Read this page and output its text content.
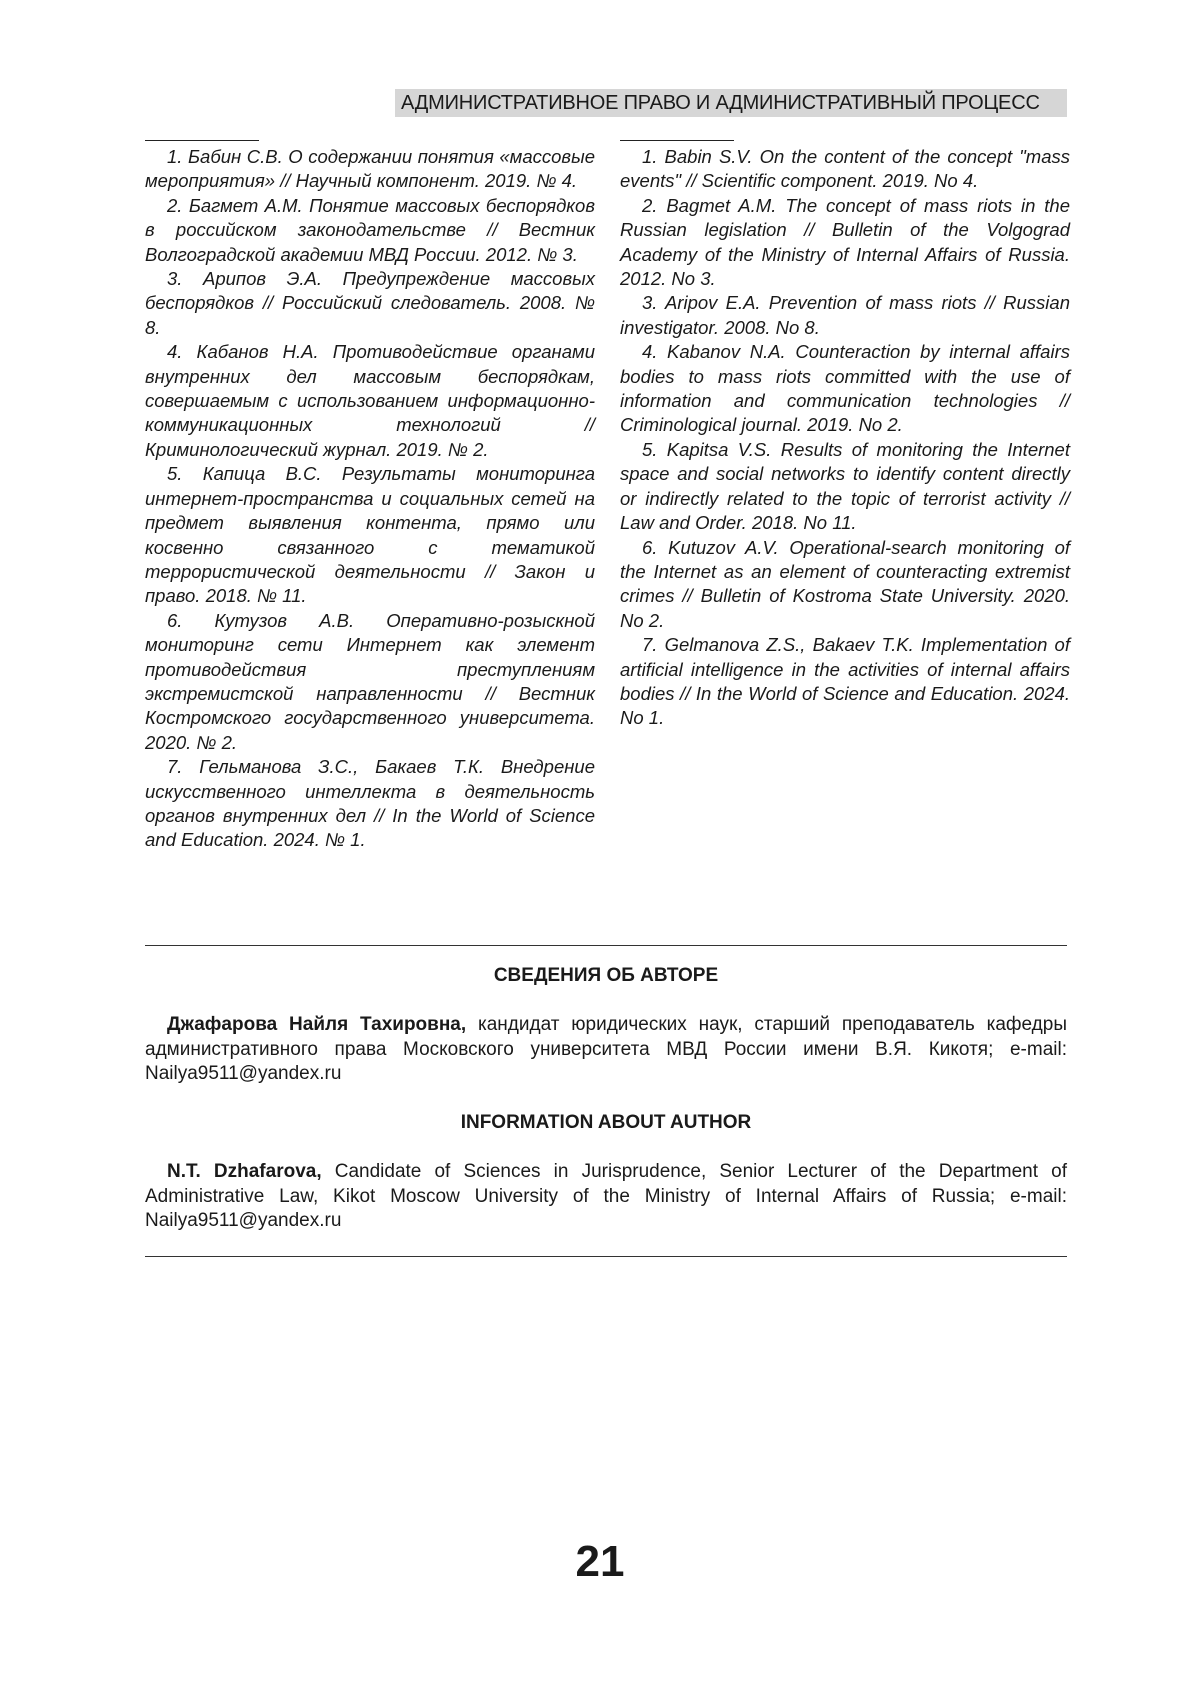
АДМИНИСТРАТИВНОЕ ПРАВО И АДМИНИСТРАТИВНЫЙ ПРОЦЕСС

1. Бабин С.В. О содержании понятия «массовые мероприятия» // Научный компонент. 2019. № 4.

2. Багмет А.М. Понятие массовых беспорядков в российском законодательстве // Вестник Волгоградской академии МВД России. 2012. № 3.

3. Арипов Э.А. Предупреждение массовых беспорядков // Российский следователь. 2008. № 8.

4. Кабанов Н.А. Противодействие органами внутренних дел массовым беспорядкам, совершаемым с использованием информационно-коммуникационных технологий // Криминологический журнал. 2019. № 2.

5. Капица В.С. Результаты мониторинга интернет-пространства и социальных сетей на предмет выявления контента, прямо или косвенно связанного с тематикой террористической деятельности // Закон и право. 2018. № 11.

6. Кутузов А.В. Оперативно-розыскной мониторинг сети Интернет как элемент противодействия преступлениям экстремистской направленности // Вестник Костромского государственного университета. 2020. № 2.

7. Гельманова З.С., Бакаев Т.К. Внедрение искусственного интеллекта в деятельность органов внутренних дел // In the World of Science and Education. 2024. № 1.

1. Babin S.V. On the content of the concept "mass events" // Scientific component. 2019. No 4.

2. Bagmet A.M. The concept of mass riots in the Russian legislation // Bulletin of the Volgograd Academy of the Ministry of Internal Affairs of Russia. 2012. No 3.

3. Aripov E.A. Prevention of mass riots // Russian investigator. 2008. No 8.

4. Kabanov N.A. Counteraction by internal affairs bodies to mass riots committed with the use of information and communication technologies // Criminological journal. 2019. No 2.

5. Kapitsa V.S. Results of monitoring the Internet space and social networks to identify content directly or indirectly related to the topic of terrorist activity // Law and Order. 2018. No 11.

6. Kutuzov A.V. Operational-search monitoring of the Internet as an element of counteracting extremist crimes // Bulletin of Kostroma State University. 2020. No 2.

7. Gelmanova Z.S., Bakaev T.K. Implementation of artificial intelligence in the activities of internal affairs bodies // In the World of Science and Education. 2024. No 1.

СВЕДЕНИЯ ОБ АВТОРЕ

Джафарова Найля Тахировна, кандидат юридических наук, старший преподаватель кафедры административного права Московского университета МВД России имени В.Я. Кикотя; e-mail: Nailya9511@yandex.ru

INFORMATION ABOUT AUTHOR

N.T. Dzhafarova, Candidate of Sciences in Jurisprudence, Senior Lecturer of the Department of Administrative Law, Kikot Moscow University of the Ministry of Internal Affairs of Russia; e-mail: Nailya9511@yandex.ru

21
